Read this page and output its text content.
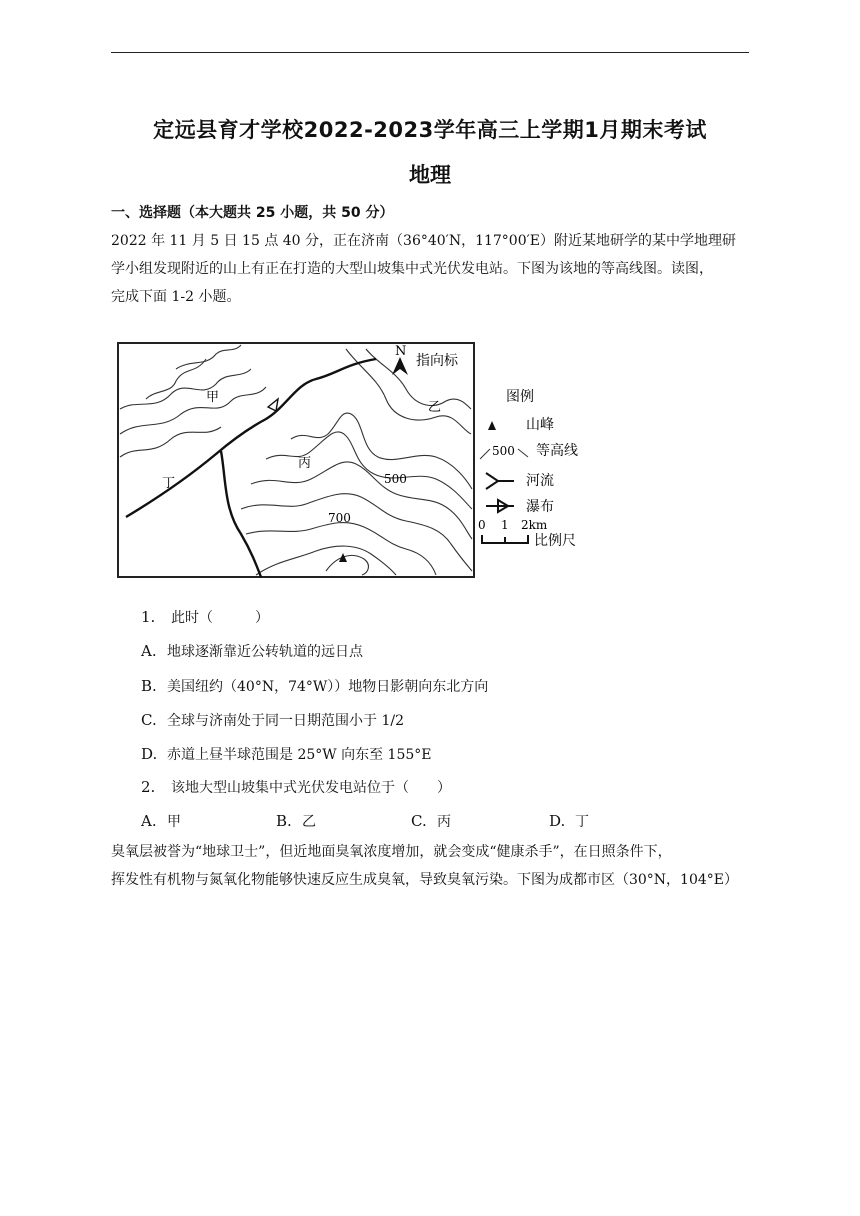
定远县育才学校2022-2023学年高三上学期1月期末考试
地理
一、选择题（本大题共 25 小题，共 50 分）
2022 年 11 月 5 日 15 点 40 分，正在济南（36°40′N，117°00′E）附近某地研学的某中学地理研
学小组发现附近的山上有正在打造的大型山坡集中式光伏发电站。下图为该地的等高线图。读图，
完成下面 1-2 小题。
N
指向标
甲
乙
丙
丁	500
700
图例
山峰
500 等高线
河流
瀑布
0 1 2km
比例尺
1. 此时（　　　）
A. 地球逐渐靠近公转轨道的远日点
B. 美国纽约（40°N，74°W））地物日影朝向东北方向
C. 全球与济南处于同一日期范围小于 1/2
D. 赤道上昼半球范围是 25°W 向东至 155°E
2. 该地大型山坡集中式光伏发电站位于（　　）
A. 甲	B. 乙	C. 丙	D. 丁
臭氧层被誉为“地球卫士”，但近地面臭氧浓度增加，就会变成“健康杀手”，在日照条件下，
挥发性有机物与氮氧化物能够快速反应生成臭氧，导致臭氧污染。下图为成都市区（30°N，104°E）
